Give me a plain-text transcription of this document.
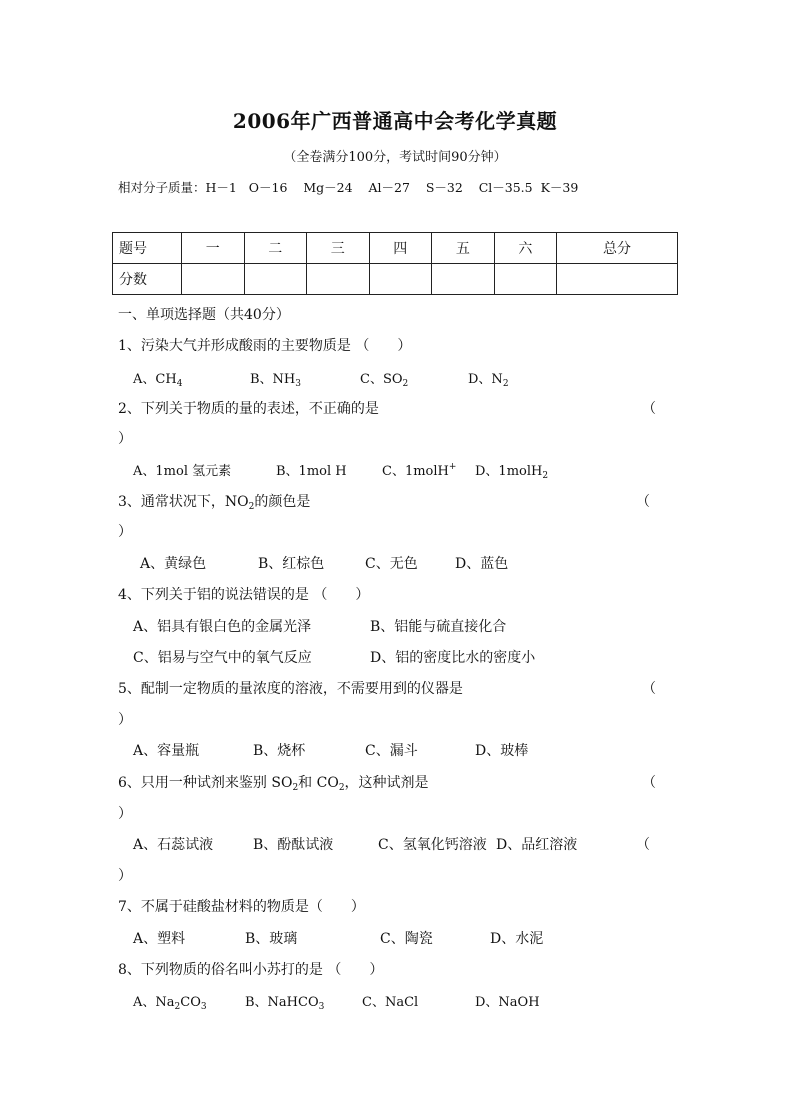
2006年广西普通高中会考化学真题
（全卷满分100分，考试时间90分钟）
相对分子质量：H－1 O－16 Mg－24 Al－27 S－32 Cl－35.5 K－39
题号	一	二	三	四	五	六	总分
分数							
一、单项选择题（共40分）
1、污染大气并形成酸雨的主要物质是 （　　）
A、$CH_4$	B、$NH_3$	C、$SO_2$	D、$N_2$
2、下列关于物质的量的表述，不正确的是	（
）
A、1mol 氢元素	B、1mol H	C、1molH+ D、1molH$_2$
3、通常状况下，$NO_2$的颜色是	（
）
A、黄绿色	B、红棕色	C、无色	D、蓝色
4、下列关于铝的说法错误的是 （　　）
A、铝具有银白色的金属光泽	B、铝能与硫直接化合
C、铝易与空气中的氧气反应	D、铝的密度比水的密度小
5、配制一定物质的量浓度的溶液，不需要用到的仪器是	（
）
A、容量瓶	B、烧杯	C、漏斗	D、玻棒
6、只用一种试剂来鉴别 $SO_2$和 $CO_2$，这种试剂是	（
）
A、石蕊试液	B、酚酞试液	C、氢氧化钙溶液 D、品红溶液	（
）
7、不属于硅酸盐材料的物质是（　　）
A、塑料	B、玻璃	C、陶瓷	D、水泥
8、下列物质的俗名叫小苏打的是 （　　）
A、$Na_2CO_3$	B、NaHCO$_3$	C、NaCl	D、NaOH
